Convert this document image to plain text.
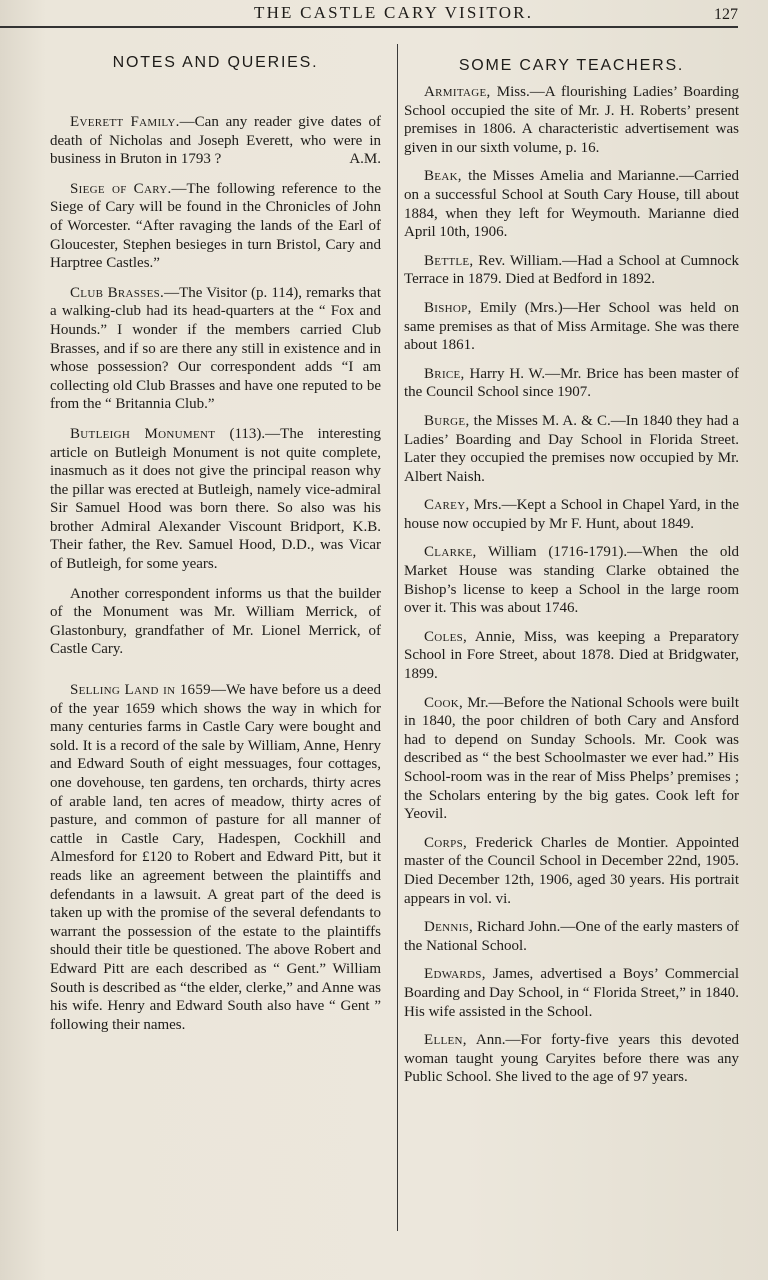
THE CASTLE CARY VISITOR.	127
NOTES AND QUERIES.

Everett Family.—Can any reader give dates of death of Nicholas and Joseph Everett, who were in business in Bruton in 1793 ?	A.M.

Siege of Cary.—The following reference to the Siege of Cary will be found in the Chronicles of John of Worcester. “After ravaging the lands of the Earl of Gloucester, Stephen besieges in turn Bristol, Cary and Harptree Castles.”

Club Brasses.—The Visitor (p. 114), remarks that a walking-club had its head-quarters at the “ Fox and Hounds.” I wonder if the members carried Club Brasses, and if so are there any still in existence and in whose possession? Our correspondent adds “I am collecting old Club Brasses and have one reputed to be from the “ Britannia Club.”

Butleigh Monument (113).—The interesting article on Butleigh Monument is not quite complete, inasmuch as it does not give the principal reason why the pillar was erected at Butleigh, namely vice-admiral Sir Samuel Hood was born there. So also was his brother Admiral Alexander Viscount Bridport, K.B. Their father, the Rev. Samuel Hood, D.D., was Vicar of Butleigh, for some years.

Another correspondent informs us that the builder of the Monument was Mr. William Merrick, of Glastonbury, grandfather of Mr. Lionel Merrick, of Castle Cary.

Selling Land in 1659—We have before us a deed of the year 1659 which shows the way in which for many centuries farms in Castle Cary were bought and sold. It is a record of the sale by William, Anne, Henry and Edward South of eight messuages, four cottages, one dovehouse, ten gardens, ten orchards, thirty acres of arable land, ten acres of meadow, thirty acres of pasture, and common of pasture for all manner of cattle in Castle Cary, Hadespen, Cockhill and Almesford for £120 to Robert and Edward Pitt, but it reads like an agreement between the plaintiffs and defendants in a lawsuit. A great part of the deed is taken up with the promise of the several defendants to warrant the possession of the estate to the plaintiffs should their title be questioned. The above Robert and Edward Pitt are each described as “ Gent.” William South is described as “the elder, clerke,” and Anne was his wife. Henry and Edward South also have “ Gent ” following their names.

SOME CARY TEACHERS.

Armitage, Miss.—A flourishing Ladies’ Boarding School occupied the site of Mr. J. H. Roberts’ present premises in 1806. A characteristic advertisement was given in our sixth volume, p. 16.

Beak, the Misses Amelia and Marianne.—Carried on a successful School at South Cary House, till about 1884, when they left for Weymouth. Marianne died April 10th, 1906.

Bettle, Rev. William.—Had a School at Cumnock Terrace in 1879. Died at Bedford in 1892.

Bishop, Emily (Mrs.)—Her School was held on same premises as that of Miss Armitage. She was there about 1861.

Brice, Harry H. W.—Mr. Brice has been master of the Council School since 1907.

Burge, the Misses M. A. & C.—In 1840 they had a Ladies’ Boarding and Day School in Florida Street. Later they occupied the premises now occupied by Mr. Albert Naish.

Carey, Mrs.—Kept a School in Chapel Yard, in the house now occupied by Mr F. Hunt, about 1849.

Clarke, William (1716-1791).—When the old Market House was standing Clarke obtained the Bishop’s license to keep a School in the large room over it. This was about 1746.

Coles, Annie, Miss, was keeping a Preparatory School in Fore Street, about 1878. Died at Bridgwater, 1899.

Cook, Mr.—Before the National Schools were built in 1840, the poor children of both Cary and Ansford had to depend on Sunday Schools. Mr. Cook was described as “ the best Schoolmaster we ever had.” His School-room was in the rear of Miss Phelps’ premises ; the Scholars entering by the big gates. Cook left for Yeovil.

Corps, Frederick Charles de Montier. Appointed master of the Council School in December 22nd, 1905. Died December 12th, 1906, aged 30 years. His portrait appears in vol. vi.

Dennis, Richard John.—One of the early masters of the National School.

Edwards, James, advertised a Boys’ Commercial Boarding and Day School, in “ Florida Street,” in 1840. His wife assisted in the School.

Ellen, Ann.—For forty-five years this devoted woman taught young Caryites before there was any Public School. She lived to the age of 97 years.
